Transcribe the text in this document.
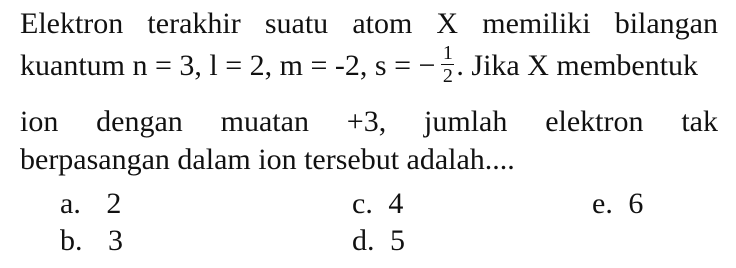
Elektron terakhir suatu atom X memiliki bilangan
kuantum n = 3, l = 2, m = -2, s = − $\frac{1}{2}$ . Jika X membentuk
ion dengan muatan +3, jumlah elektron tak
berpasangan dalam ion tersebut adalah....
a. 2
b. 3
c. 4
d. 5
e. 6
